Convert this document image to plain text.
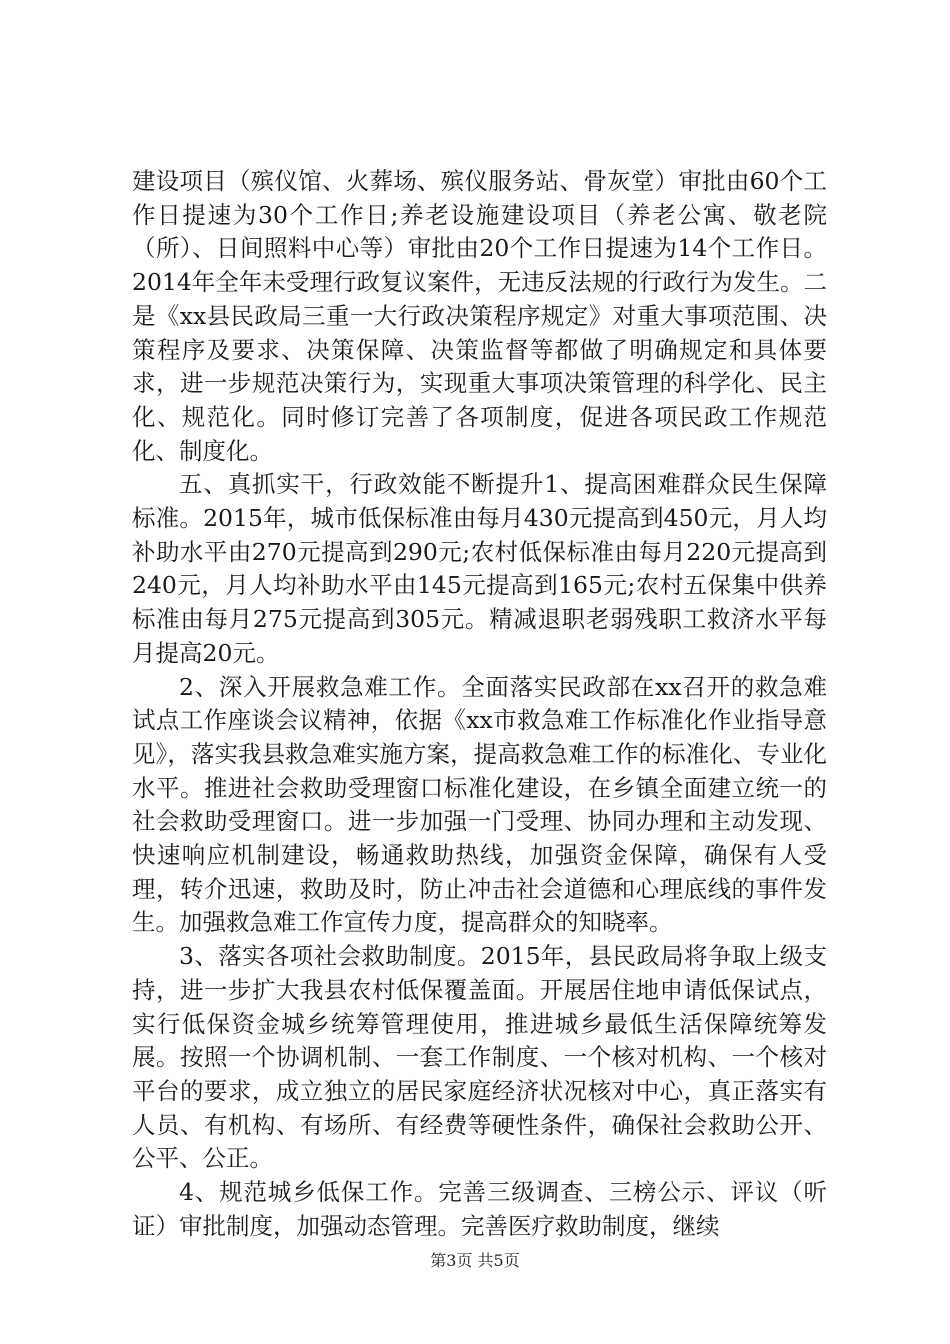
建设项目（殡仪馆、火葬场、殡仪服务站、骨灰堂）审批由60个工作日提速为30个工作日;养老设施建设项目（养老公寓、敬老院（所）、日间照料中心等）审批由20个工作日提速为14个工作日。2014年全年未受理行政复议案件，无违反法规的行政行为发生。二是《xx县民政局三重一大行政决策程序规定》对重大事项范围、决策程序及要求、决策保障、决策监督等都做了明确规定和具体要求，进一步规范决策行为，实现重大事项决策管理的科学化、民主化、规范化。同时修订完善了各项制度，促进各项民政工作规范化、制度化。

五、真抓实干，行政效能不断提升1、提高困难群众民生保障标准。2015年，城市低保标准由每月430元提高到450元，月人均补助水平由270元提高到290元;农村低保标准由每月220元提高到240元，月人均补助水平由145元提高到165元;农村五保集中供养标准由每月275元提高到305元。精减退职老弱残职工救济水平每月提高20元。

2、深入开展救急难工作。全面落实民政部在xx召开的救急难试点工作座谈会议精神，依据《xx市救急难工作标准化作业指导意见》，落实我县救急难实施方案，提高救急难工作的标准化、专业化水平。推进社会救助受理窗口标准化建设，在乡镇全面建立统一的社会救助受理窗口。进一步加强一门受理、协同办理和主动发现、快速响应机制建设，畅通救助热线，加强资金保障，确保有人受理，转介迅速，救助及时，防止冲击社会道德和心理底线的事件发生。加强救急难工作宣传力度，提高群众的知晓率。

3、落实各项社会救助制度。2015年，县民政局将争取上级支持，进一步扩大我县农村低保覆盖面。开展居住地申请低保试点，实行低保资金城乡统筹管理使用，推进城乡最低生活保障统筹发展。按照一个协调机制、一套工作制度、一个核对机构、一个核对平台的要求，成立独立的居民家庭经济状况核对中心，真正落实有人员、有机构、有场所、有经费等硬性条件，确保社会救助公开、公平、公正。

4、规范城乡低保工作。完善三级调查、三榜公示、评议（听证）审批制度，加强动态管理。完善医疗救助制度，继续

第3页 共5页
